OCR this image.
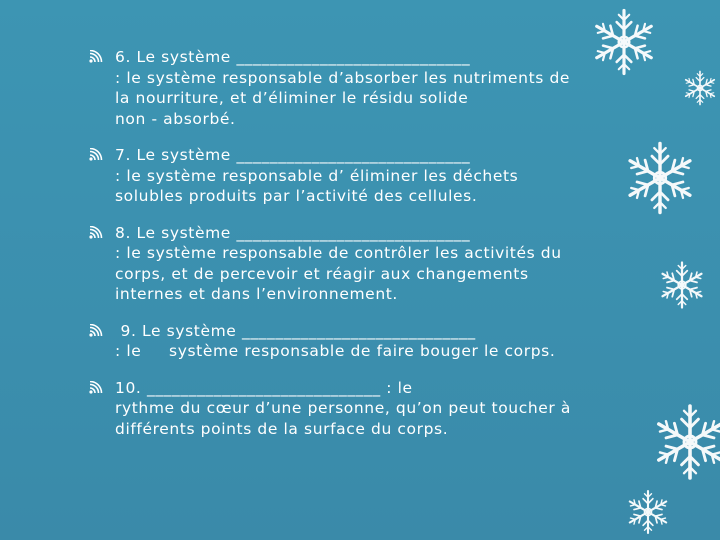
6. Le système ____________________________
: le système responsable d’absorber les nutriments de
la nourriture, et d’éliminer le résidu solide
non - absorbé.
7. Le système ____________________________
: le système responsable d’ éliminer les déchets
solubles produits par l’activité des cellules.
8. Le système ____________________________
: le système responsable de contrôler les activités du
corps, et de percevoir et réagir aux changements
internes et dans l’environnement.
9. Le système ____________________________
: le     système responsable de faire bouger le corps.
10. ____________________________ : le
rythme du cœur d’une personne, qu’on peut toucher à
différents points de la surface du corps.
